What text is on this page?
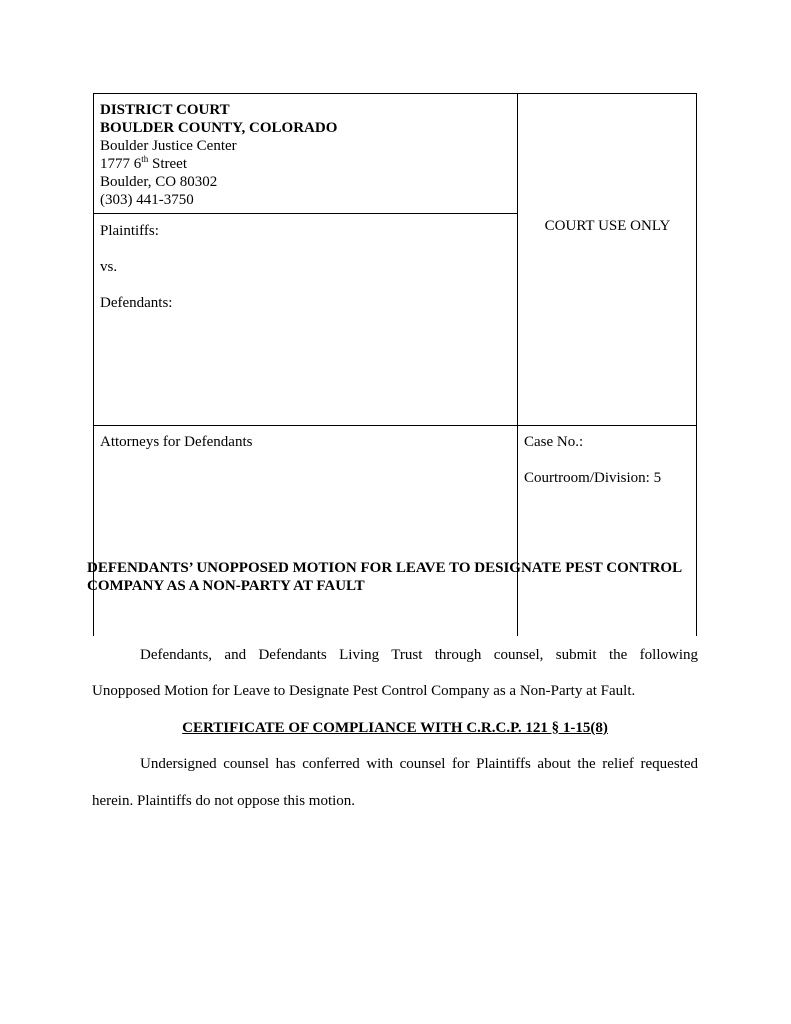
DISTRICT COURT
BOULDER COUNTY, COLORADO
Boulder Justice Center
1777 6th Street
Boulder, CO 80302
(303) 441-3750
COURT USE ONLY
Plaintiffs:
vs.
Defendants:
Attorneys for Defendants	Case No.:
Courtroom/Division: 5
DEFENDANTS’ UNOPPOSED MOTION FOR LEAVE TO DESIGNATE PEST CONTROL
COMPANY AS A NON-PARTY AT FAULT
Defendants, and Defendants Living Trust through counsel, submit the following
Unopposed Motion for Leave to Designate Pest Control Company as a Non-Party at Fault.
CERTIFICATE OF COMPLIANCE WITH C.R.C.P. 121 § 1-15(8)
Undersigned counsel has conferred with counsel for Plaintiffs about the relief requested
herein. Plaintiffs do not oppose this motion.
